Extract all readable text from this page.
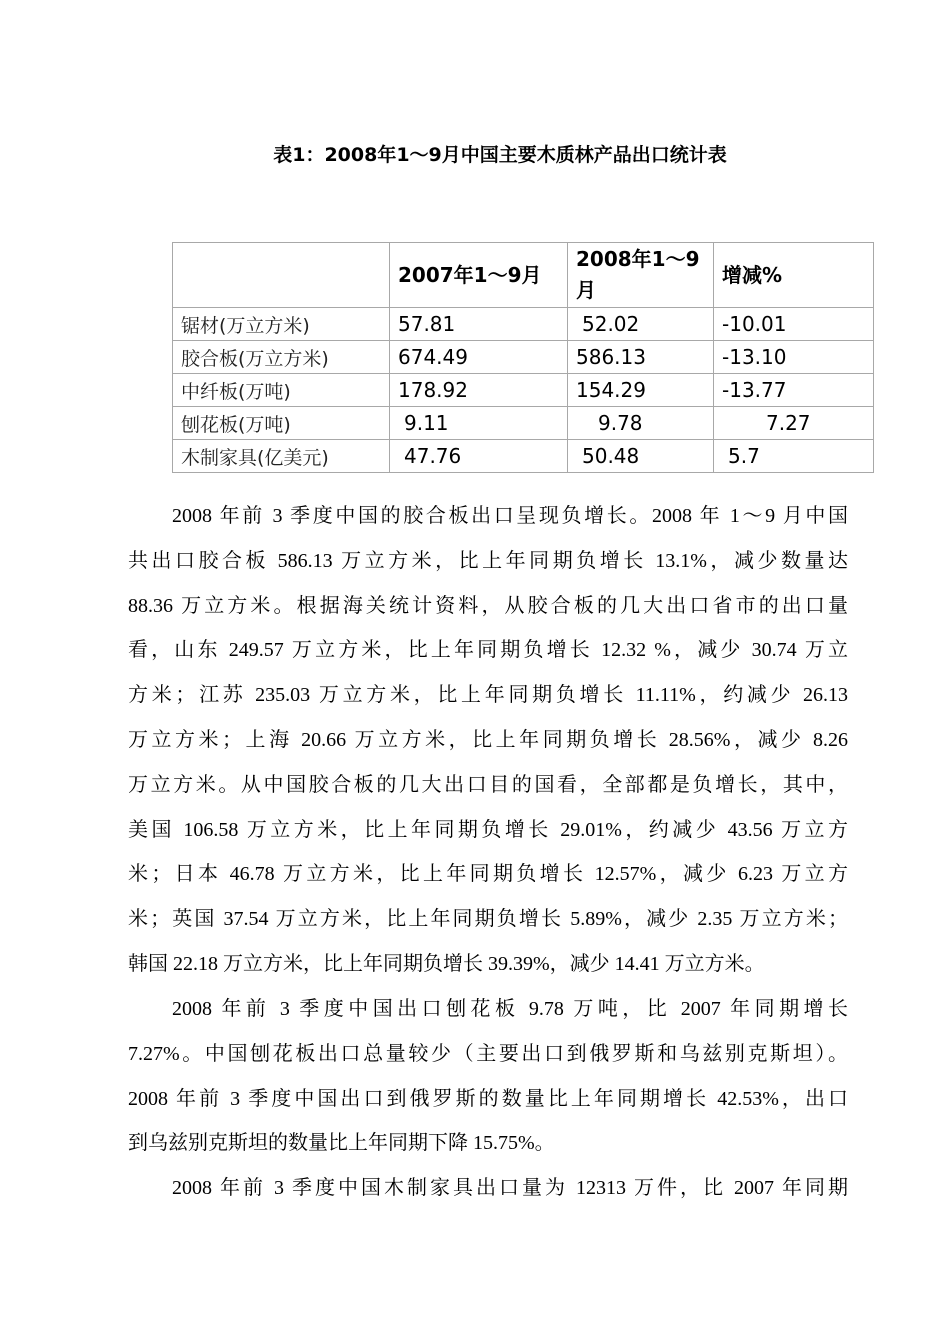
表1：2008年1～9月中国主要木质林产品出口统计表
	2007年1～9月	2008年1～9月	增减%
锯材(万立方米)	57.81	52.02	-10.01
胶合板(万立方米)	674.49	586.13	-13.10
中纤板(万吨)	178.92	154.29	-13.77
刨花板(万吨)	9.11	9.78	7.27
木制家具(亿美元)	47.76	50.48	5.7
2008 年前 3 季度中国的胶合板出口呈现负增长。2008 年 1～9 月中国
共出口胶合板 586.13 万立方米，比上年同期负增长 13.1%，减少数量达
88.36 万立方米。根据海关统计资料，从胶合板的几大出口省市的出口量
看，山东 249.57 万立方米，比上年同期负增长 12.32 %，减少 30.74 万立
方米；江苏 235.03 万立方米，比上年同期负增长 11.11%，约减少 26.13
万立方米；上海 20.66 万立方米，比上年同期负增长 28.56%，减少 8.26
万立方米。从中国胶合板的几大出口目的国看，全部都是负增长，其中，
美国 106.58 万立方米，比上年同期负增长 29.01%，约减少 43.56 万立方
米；日本 46.78 万立方米，比上年同期负增长 12.57%，减少 6.23 万立方
米；英国 37.54 万立方米，比上年同期负增长 5.89%，减少 2.35 万立方米；
韩国 22.18 万立方米，比上年同期负增长 39.39%，减少 14.41 万立方米。
2008 年前 3 季度中国出口刨花板 9.78 万吨，比 2007 年同期增长
7.27%。中国刨花板出口总量较少（主要出口到俄罗斯和乌兹别克斯坦）。
2008 年前 3 季度中国出口到俄罗斯的数量比上年同期增长 42.53%，出口
到乌兹别克斯坦的数量比上年同期下降 15.75%。
2008 年前 3 季度中国木制家具出口量为 12313 万件，比 2007 年同期
